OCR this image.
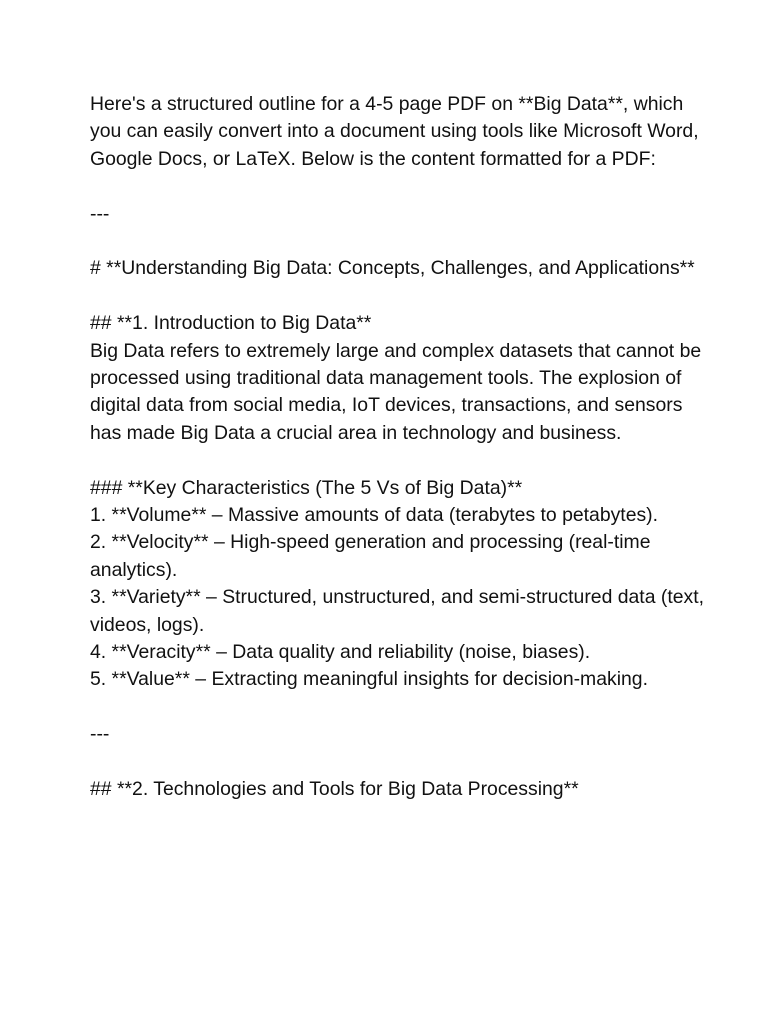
Here's a structured outline for a 4-5 page PDF on **Big Data**, which you can easily convert into a document using tools like Microsoft Word, Google Docs, or LaTeX. Below is the content formatted for a PDF:

---

# **Understanding Big Data: Concepts, Challenges, and Applications**

## **1. Introduction to Big Data**

Big Data refers to extremely large and complex datasets that cannot be processed using traditional data management tools. The explosion of digital data from social media, IoT devices, transactions, and sensors has made Big Data a crucial area in technology and business.

### **Key Characteristics (The 5 Vs of Big Data)**

1. **Volume** – Massive amounts of data (terabytes to petabytes).

2. **Velocity** – High-speed generation and processing (real-time analytics).

3. **Variety** – Structured, unstructured, and semi-structured data (text, videos, logs).

4. **Veracity** – Data quality and reliability (noise, biases).

5. **Value** – Extracting meaningful insights for decision-making.

---

## **2. Technologies and Tools for Big Data Processing**
